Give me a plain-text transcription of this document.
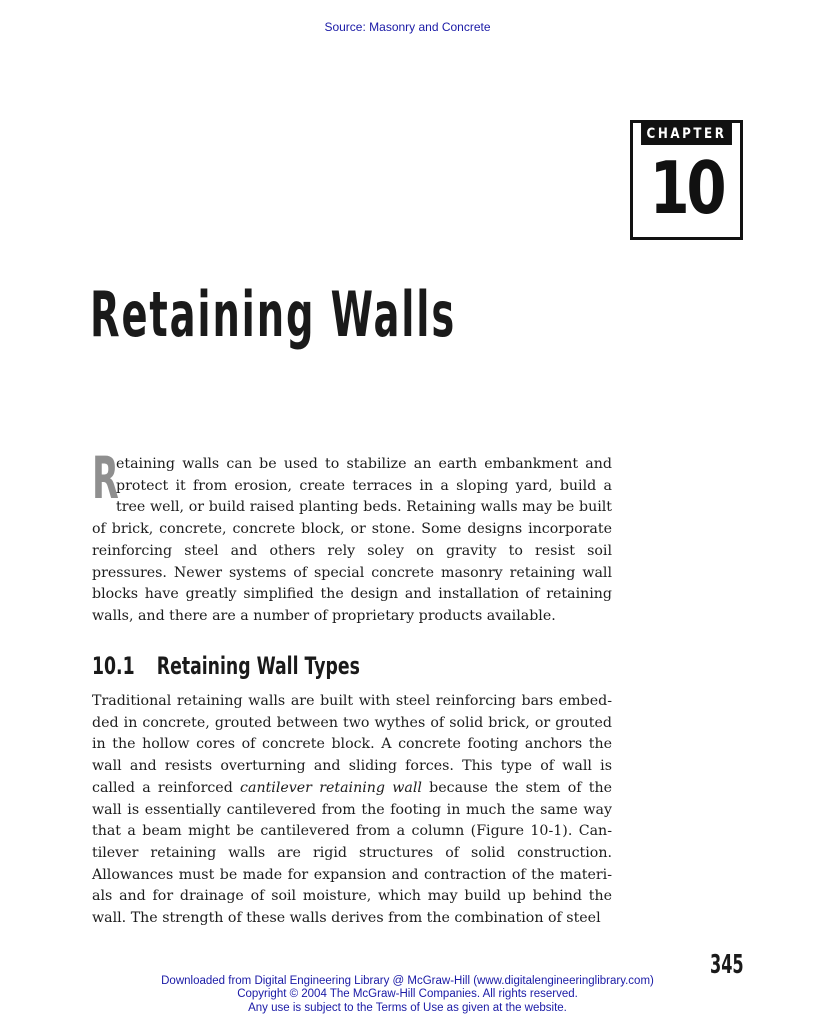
Source: Masonry and Concrete
CHAPTER
10
Retaining Walls
R
etaining walls can be used to stabilize an earth embankment and protect it from erosion, create terraces in a sloping yard, build a tree well, or build raised planting beds. Retaining walls may be built of brick, concrete, concrete block, or stone. Some designs incorporate reinforcing steel and others rely soley on gravity to resist soil pressures. Newer systems of special concrete masonry retaining wall blocks have greatly simplified the design and installation of retaining walls, and there are a number of proprietary products available.
10.1 Retaining Wall Types
Traditional retaining walls are built with steel reinforcing bars embed-ded in concrete, grouted between two wythes of solid brick, or grouted in the hollow cores of concrete block. A concrete footing anchors the wall and resists overturning and sliding forces. This type of wall is called a reinforced cantilever retaining wall because the stem of the wall is essentially cantilevered from the footing in much the same way that a beam might be cantilevered from a column (Figure 10-1). Can-tilever retaining walls are rigid structures of solid construction. Allowances must be made for expansion and contraction of the materi-als and for drainage of soil moisture, which may build up behind the wall. The strength of these walls derives from the combination of steel
345
Downloaded from Digital Engineering Library @ McGraw-Hill (www.digitalengineeringlibrary.com)
Copyright © 2004 The McGraw-Hill Companies. All rights reserved.
Any use is subject to the Terms of Use as given at the website.
